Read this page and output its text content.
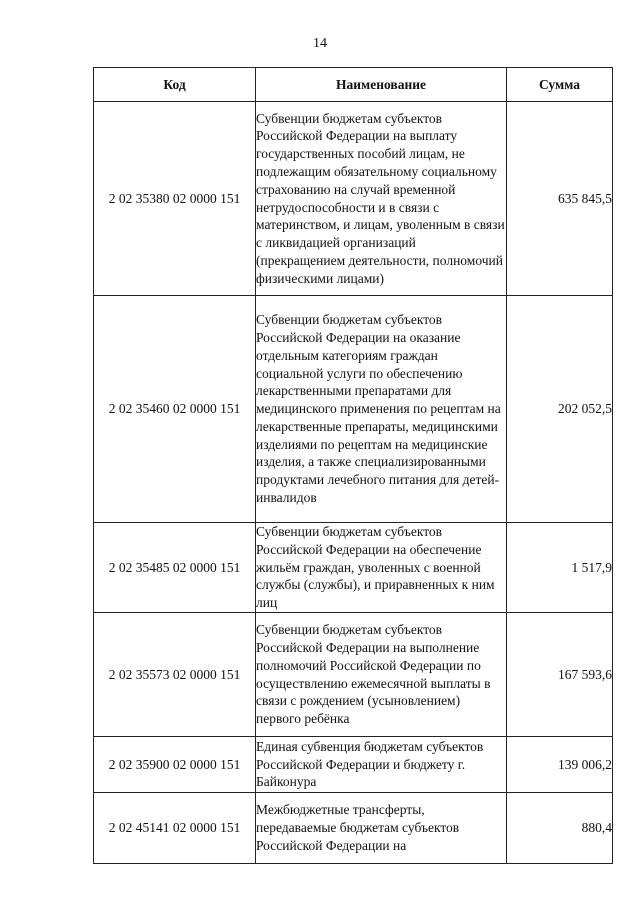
14
Код	Наименование	Сумма
2 02 35380 02 0000 151	Субвенции бюджетам субъектов Российской Федерации на выплату государственных пособий лицам, не подлежащим обязательному социальному страхованию на случай временной нетрудоспособности и в связи с материнством, и лицам, уволенным в связи с ликвидацией организаций (прекращением деятельности, полномочий физическими лицами)	635 845,5
2 02 35460 02 0000 151	Субвенции бюджетам субъектов Российской Федерации на оказание отдельным категориям граждан социальной услуги по обеспечению лекарственными препаратами для медицинского применения по рецептам на лекарственные препараты, медицинскими изделиями по рецептам на медицинские изделия, а также специализированными продуктами лечебного питания для детей-инвалидов	202 052,5
2 02 35485 02 0000 151	Субвенции бюджетам субъектов Российской Федерации на обеспечение жильём граждан, уволенных с военной службы (службы), и приравненных к ним лиц	1 517,9
2 02 35573 02 0000 151	Субвенции бюджетам субъектов Российской Федерации на выполнение полномочий Российской Федерации по осуществлению ежемесячной выплаты в связи с рождением (усыновлением) первого ребёнка	167 593,6
2 02 35900 02 0000 151	Единая субвенция бюджетам субъектов Российской Федерации и бюджету г. Байконура	139 006,2
2 02 45141 02 0000 151	Межбюджетные трансферты, передаваемые бюджетам субъектов Российской Федерации на	880,4
